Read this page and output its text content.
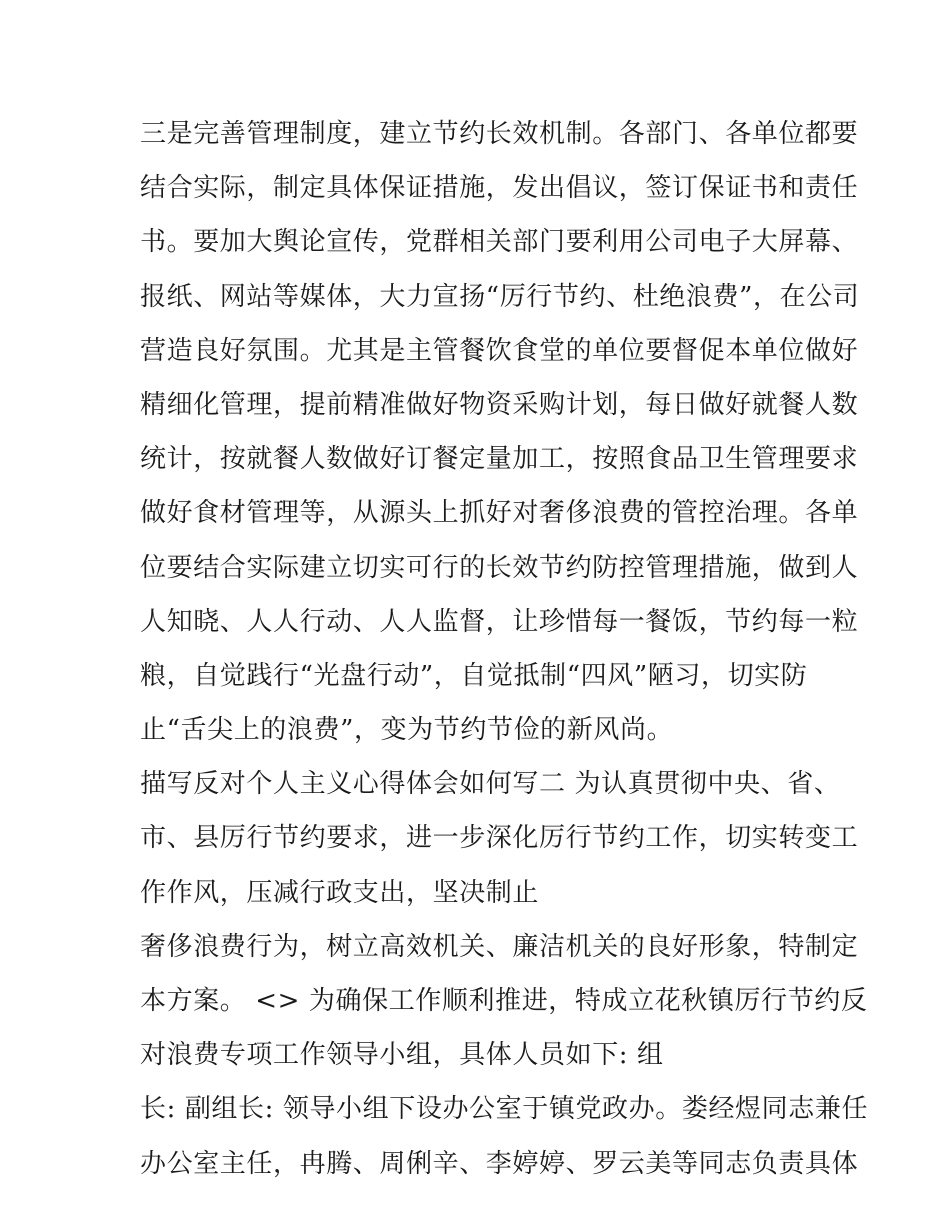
三是完善管理制度，建立节约长效机制。各部门、各单位都要
结合实际，制定具体保证措施，发出倡议，签订保证书和责任
书。要加大舆论宣传，党群相关部门要利用公司电子大屏幕、
报纸、网站等媒体，大力宣扬“厉行节约、杜绝浪费”，在公司
营造良好氛围。尤其是主管餐饮食堂的单位要督促本单位做好
精细化管理，提前精准做好物资采购计划，每日做好就餐人数
统计，按就餐人数做好订餐定量加工，按照食品卫生管理要求
做好食材管理等，从源头上抓好对奢侈浪费的管控治理。各单
位要结合实际建立切实可行的长效节约防控管理措施，做到人
人知晓、人人行动、人人监督，让珍惜每一餐饭，节约每一粒
粮，自觉践行“光盘行动”，自觉抵制“四风”陋习，切实防
止“舌尖上的浪费”，变为节约节俭的新风尚。
描写反对个人主义心得体会如何写二 为认真贯彻中央、省、
市、县厉行节约要求，进一步深化厉行节约工作，切实转变工
作作风，压减行政支出，坚决制止
奢侈浪费行为，树立高效机关、廉洁机关的良好形象，特制定
本方案。 <> 为确保工作顺利推进，特成立花秋镇厉行节约反
对浪费专项工作领导小组，具体人员如下: 组
长: 副组长: 领导小组下设办公室于镇党政办。娄经煜同志兼任
办公室主任，冉腾、周俐辛、李婷婷、罗云美等同志负责具体
